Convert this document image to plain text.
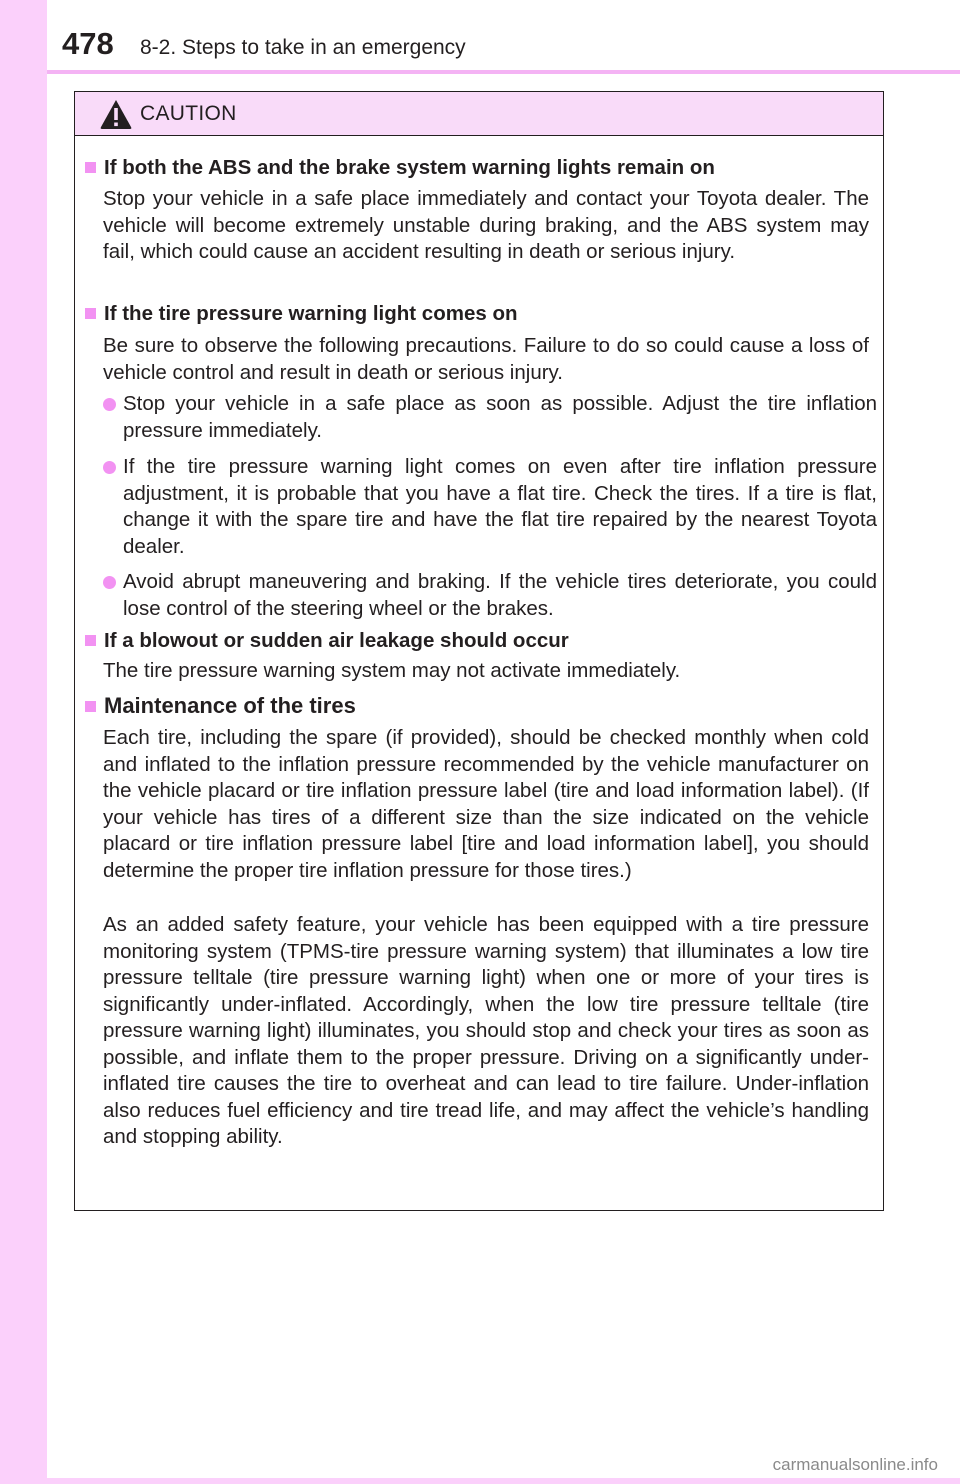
478 8-2. Steps to take in an emergency
CAUTION
If both the ABS and the brake system warning lights remain on
Stop your vehicle in a safe place immediately and contact your Toyota dealer. The vehicle will become extremely unstable during braking, and the ABS system may fail, which could cause an accident resulting in death or serious injury.
If the tire pressure warning light comes on
Be sure to observe the following precautions. Failure to do so could cause a loss of vehicle control and result in death or serious injury.
Stop your vehicle in a safe place as soon as possible. Adjust the tire inflation pressure immediately.
If the tire pressure warning light comes on even after tire inflation pressure adjustment, it is probable that you have a flat tire. Check the tires. If a tire is flat, change it with the spare tire and have the flat tire repaired by the nearest Toyota dealer.
Avoid abrupt maneuvering and braking. If the vehicle tires deteriorate, you could lose control of the steering wheel or the brakes.
If a blowout or sudden air leakage should occur
The tire pressure warning system may not activate immediately.
Maintenance of the tires
Each tire, including the spare (if provided), should be checked monthly when cold and inflated to the inflation pressure recommended by the vehicle manufacturer on the vehicle placard or tire inflation pressure label (tire and load information label). (If your vehicle has tires of a different size than the size indicated on the vehicle placard or tire inflation pressure label [tire and load information label], you should determine the proper tire inflation pressure for those tires.)
As an added safety feature, your vehicle has been equipped with a tire pressure monitoring system (TPMS-tire pressure warning system) that illuminates a low tire pressure telltale (tire pressure warning light) when one or more of your tires is significantly under-inflated. Accordingly, when the low tire pressure telltale (tire pressure warning light) illuminates, you should stop and check your tires as soon as possible, and inflate them to the proper pressure. Driving on a significantly under-inflated tire causes the tire to overheat and can lead to tire failure. Under-inflation also reduces fuel efficiency and tire tread life, and may affect the vehicle’s handling and stopping ability.
carmanualsonline.info
